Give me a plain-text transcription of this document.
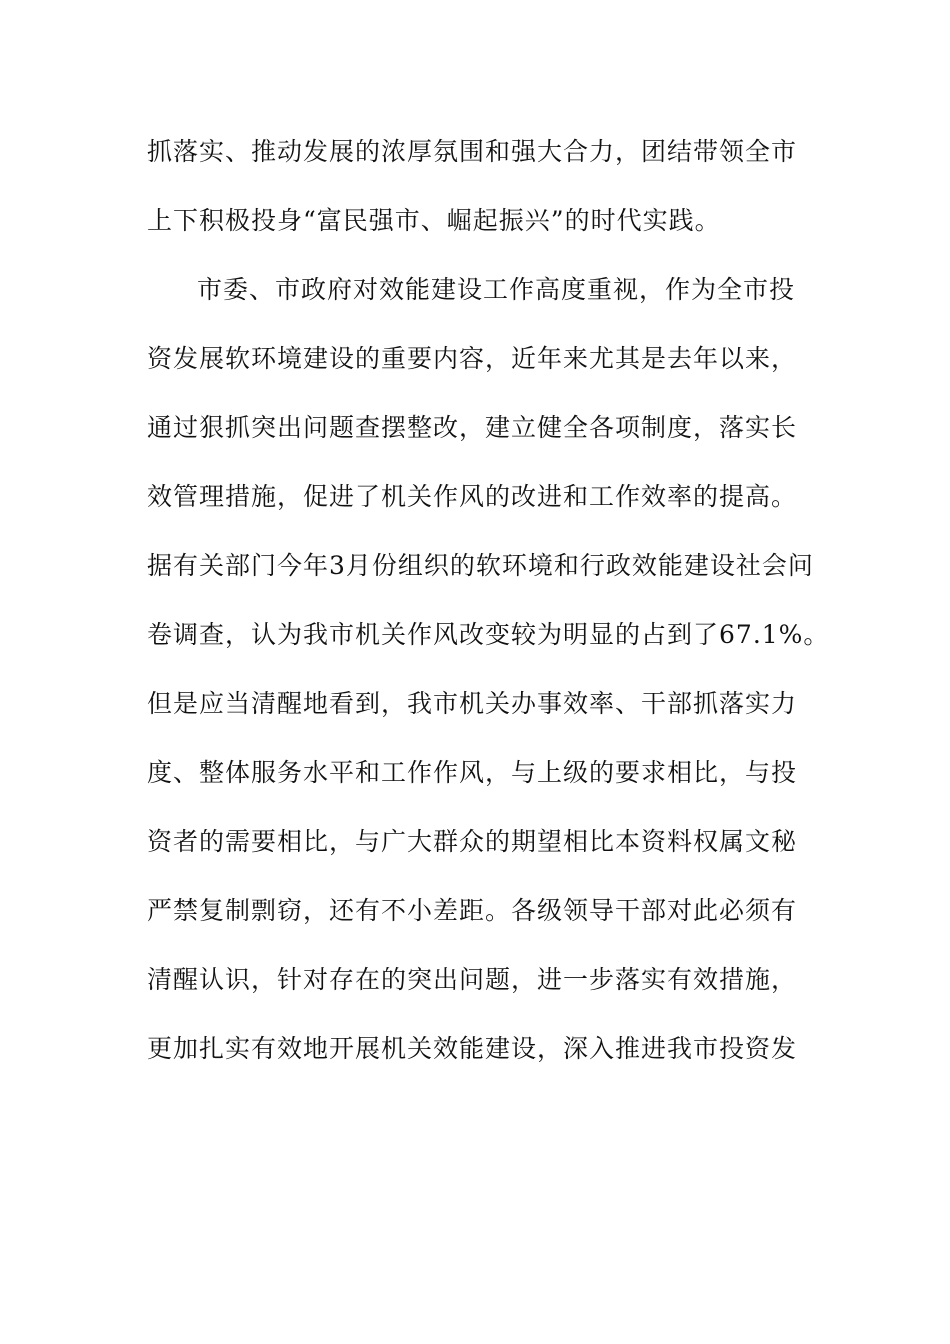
抓落实、推动发展的浓厚氛围和强大合力，团结带领全市

上下积极投身“富民强市、崛起振兴”的时代实践。

市委、市政府对效能建设工作高度重视，作为全市投

资发展软环境建设的重要内容，近年来尤其是去年以来，

通过狠抓突出问题查摆整改，建立健全各项制度，落实长

效管理措施，促进了机关作风的改进和工作效率的提高。

据有关部门今年3月份组织的软环境和行政效能建设社会问

卷调查，认为我市机关作风改变较为明显的占到了67.1%。

但是应当清醒地看到，我市机关办事效率、干部抓落实力

度、整体服务水平和工作作风，与上级的要求相比，与投

资者的需要相比，与广大群众的期望相比本资料权属文秘

严禁复制剽窃，还有不小差距。各级领导干部对此必须有

清醒认识，针对存在的突出问题，进一步落实有效措施，

更加扎实有效地开展机关效能建设，深入推进我市投资发
